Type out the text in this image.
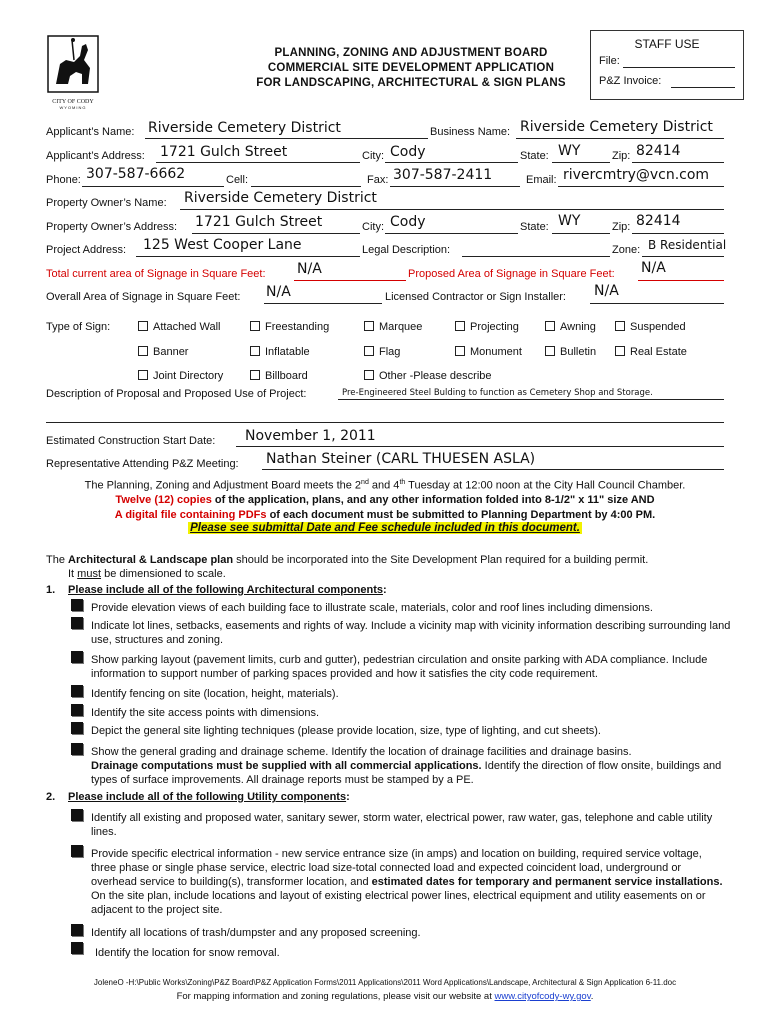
CITY OF CODY
WYOMING
PLANNING, ZONING AND ADJUSTMENT BOARD
COMMERCIAL SITE DEVELOPMENT APPLICATION
FOR LANDSCAPING, ARCHITECTURAL & SIGN PLANS
STAFF USE
File:
P&Z Invoice:
Applicant’s Name: Riverside Cemetery District	Business Name: Riverside Cemetery District
Applicant’s Address: 1721 Gulch Street	City: Cody	State: WY	Zip: 82414
Phone: 307-587-6662	Cell:	Fax: 307-587-2411	Email: rivercmtry@vcn.com
Property Owner’s Name: Riverside Cemetery District
Property Owner’s Address: 1721 Gulch Street	City: Cody	State: WY	Zip: 82414
Project Address: 125 West Cooper Lane	Legal Description:	Zone: B Residential
Total current area of Signage in Square Feet: N/A	Proposed Area of Signage in Square Feet: N/A
Overall Area of Signage in Square Feet: N/A	Licensed Contractor or Sign Installer: N/A
Type of Sign:	Attached Wall	Freestanding	Marquee	Projecting	Awning	Suspended
Banner	Inflatable	Flag	Monument	Bulletin	Real Estate
Joint Directory	Billboard	Other -Please describe
Description of Proposal and Proposed Use of Project:	Pre-Engineered Steel Bulding to function as Cemetery Shop and Storage.
Estimated Construction Start Date: November 1, 2011
Representative Attending P&Z Meeting: Nathan Steiner (CARL THUESEN ASLA)
The Planning, Zoning and Adjustment Board meets the 2nd and 4th Tuesday at 12:00 noon at the City Hall Council Chamber.
Twelve (12) copies of the application, plans, and any other information folded into 8-1/2" x 11" size AND
A digital file containing PDFs of each document must be submitted to Planning Department by 4:00 PM.
Please see submittal Date and Fee schedule included in this document.
The Architectural & Landscape plan should be incorporated into the Site Development Plan required for a building permit.
It must be dimensioned to scale.
1. Please include all of the following Architectural components:
Provide elevation views of each building face to illustrate scale, materials, color and roof lines including dimensions.
Indicate lot lines, setbacks, easements and rights of way. Include a vicinity map with vicinity information describing surrounding land use, structures and zoning.
Show parking layout (pavement limits, curb and gutter), pedestrian circulation and onsite parking with ADA compliance. Include information to support number of parking spaces provided and how it satisfies the city code requirement.
Identify fencing on site (location, height, materials).
Identify the site access points with dimensions.
Depict the general site lighting techniques (please provide location, size, type of lighting, and cut sheets).
Show the general grading and drainage scheme. Identify the location of drainage facilities and drainage basins.
Drainage computations must be supplied with all commercial applications. Identify the direction of flow onsite, buildings and types of surface improvements. All drainage reports must be stamped by a PE.
2. Please include all of the following Utility components:
Identify all existing and proposed water, sanitary sewer, storm water, electrical power, raw water, gas, telephone and cable utility lines.
Provide specific electrical information - new service entrance size (in amps) and location on building, required service voltage, three phase or single phase service, electric load size-total connected load and expected coincident load, underground or overhead service to building(s), transformer location, and estimated dates for temporary and permanent service installations. On the site plan, include locations and layout of existing electrical power lines, electrical equipment and utility easements on or adjacent to the project site.
Identify all locations of trash/dumpster and any proposed screening.
Identify the location for snow removal.
JoleneO -H:\Public Works\Zoning\P&Z Board\P&Z Application Forms\2011 Applications\2011 Word Applications\Landscape, Architectural & Sign Application 6-11.doc
For mapping information and zoning regulations, please visit our website at www.cityofcody-wy.gov.
